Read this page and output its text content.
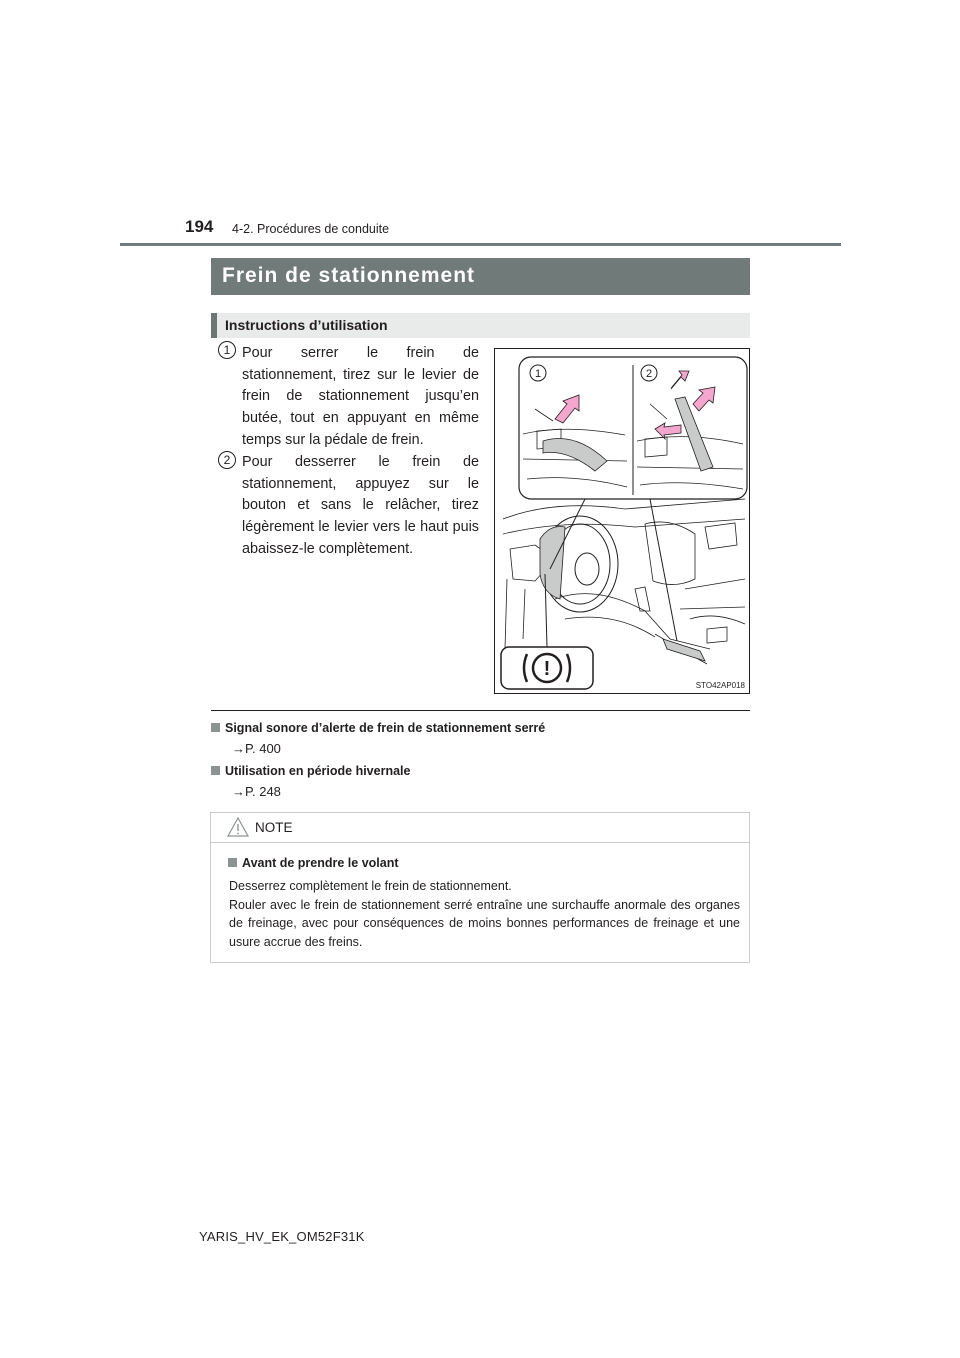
194 4-2. Procédures de conduite
Frein de stationnement
Instructions d’utilisation
1 Pour serrer le frein de stationnement, tirez sur le levier de frein de stationnement jusqu’en butée, tout en appuyant en même temps sur la pédale de frein.
2 Pour desserrer le frein de stationnement, appuyez sur le bouton et sans le relâcher, tirez légèrement le levier vers le haut puis abaissez-le complètement.
1	2
!
STO42AP018
Signal sonore d’alerte de frein de stationnement serré
→P. 400
Utilisation en période hivernale
→P. 248
NOTE
Avant de prendre le volant

Desserrez complètement le frein de stationnement.

Rouler avec le frein de stationnement serré entraîne une surchauffe anormale des organes de freinage, avec pour conséquences de moins bonnes performances de freinage et une usure accrue des freins.

YARIS_HV_EK_OM52F31K
